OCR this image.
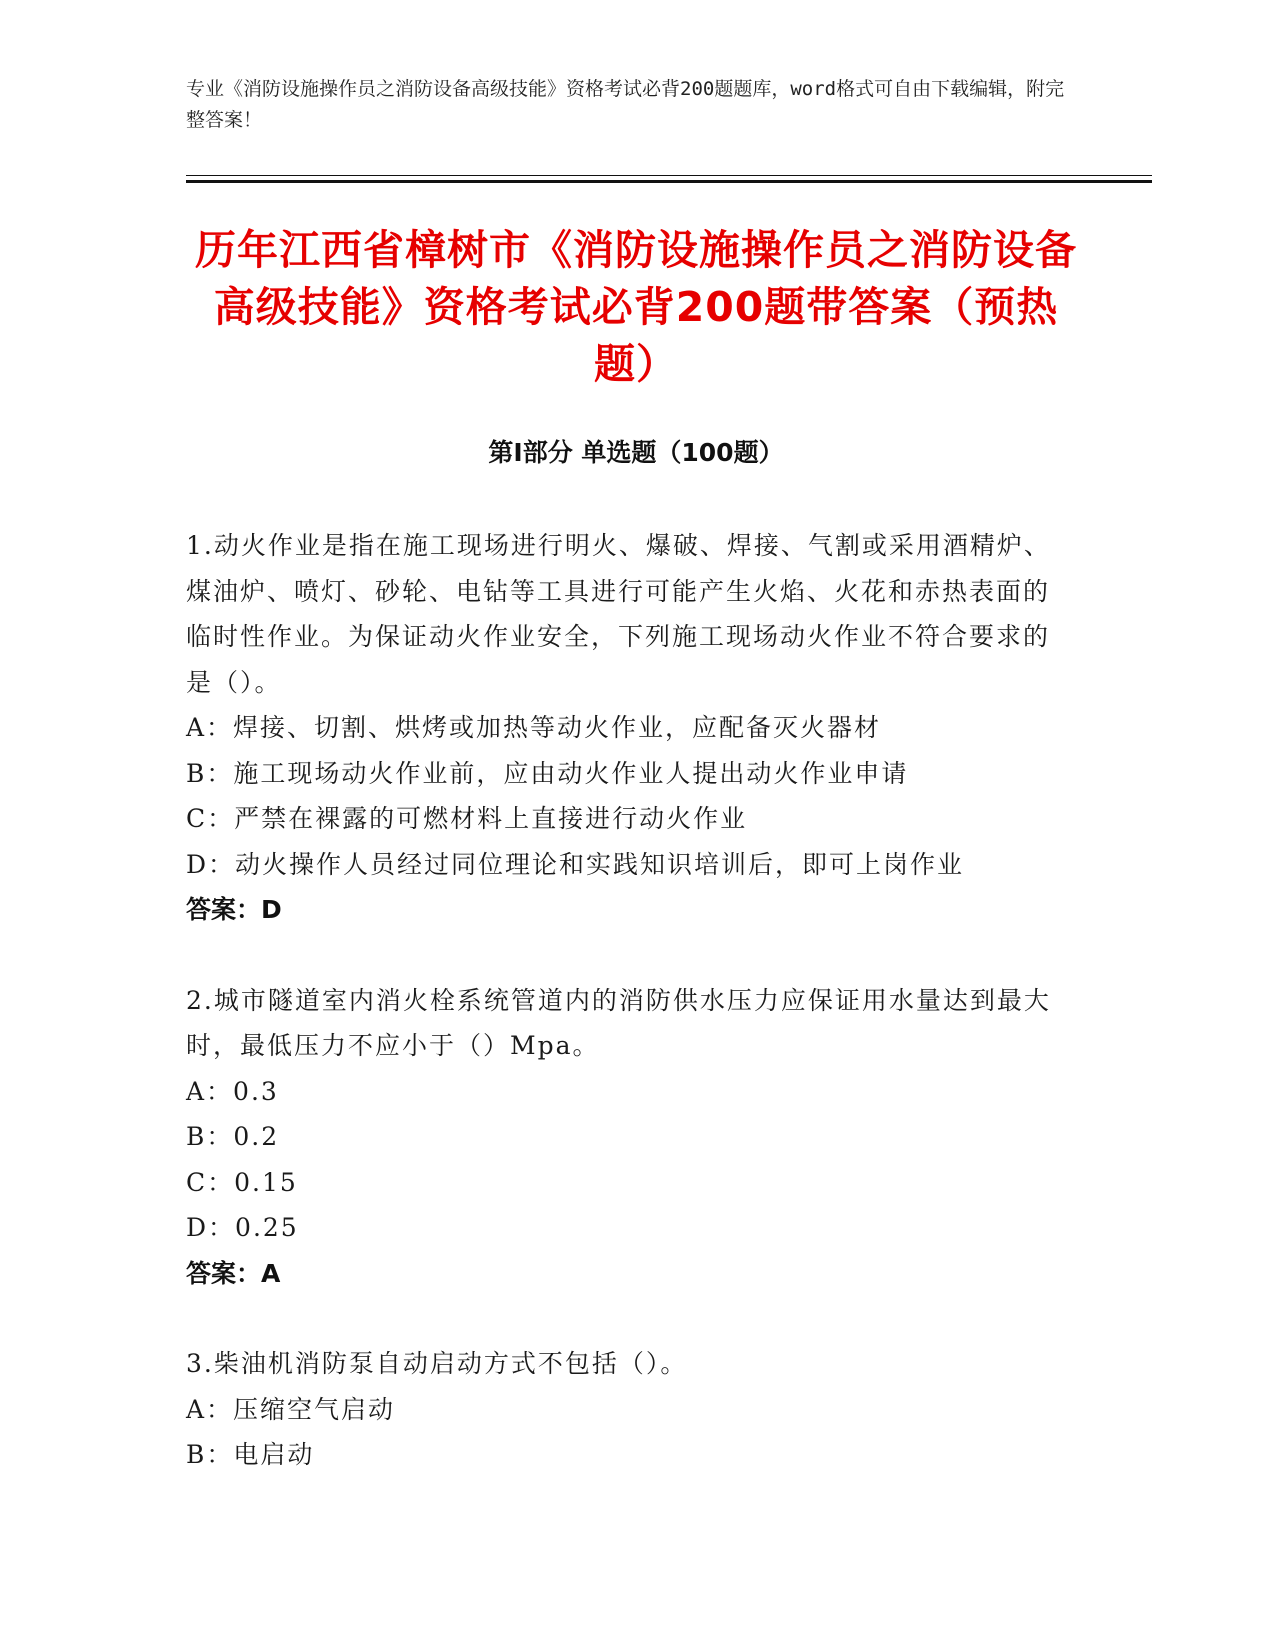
专业《消防设施操作员之消防设备高级技能》资格考试必背200题题库，word格式可自由下载编辑，附完整答案！
历年江西省樟树市《消防设施操作员之消防设备高级技能》资格考试必背200题带答案（预热题）
第I部分 单选题（100题）
1.动火作业是指在施工现场进行明火、爆破、焊接、气割或采用酒精炉、煤油炉、喷灯、砂轮、电钻等工具进行可能产生火焰、火花和赤热表面的临时性作业。为保证动火作业安全，下列施工现场动火作业不符合要求的是（）。
A：焊接、切割、烘烤或加热等动火作业，应配备灭火器材
B：施工现场动火作业前，应由动火作业人提出动火作业申请
C：严禁在裸露的可燃材料上直接进行动火作业
D：动火操作人员经过同位理论和实践知识培训后，即可上岗作业
答案：D
2.城市隧道室内消火栓系统管道内的消防供水压力应保证用水量达到最大时，最低压力不应小于（）Mpa。
A：0.3
B：0.2
C：0.15
D：0.25
答案：A
3.柴油机消防泵自动启动方式不包括（）。
A：压缩空气启动
B：电启动
